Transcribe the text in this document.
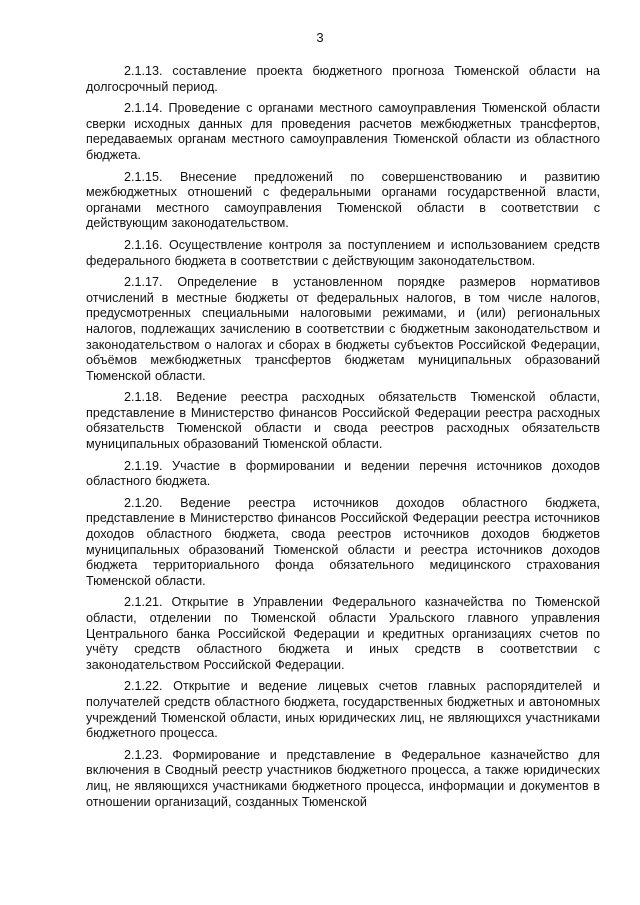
3

2.1.13. составление проекта бюджетного прогноза Тюменской области на долгосрочный период.

2.1.14. Проведение с органами местного самоуправления Тюменской области сверки исходных данных для проведения расчетов межбюджетных трансфертов, передаваемых органам местного самоуправления Тюменской области из областного бюджета.

2.1.15. Внесение предложений по совершенствованию и развитию межбюджетных отношений с федеральными органами государственной власти, органами местного самоуправления Тюменской области в соответствии с действующим законодательством.

2.1.16. Осуществление контроля за поступлением и использованием средств федерального бюджета в соответствии с действующим законодательством.

2.1.17. Определение в установленном порядке размеров нормативов отчислений в местные бюджеты от федеральных налогов, в том числе налогов, предусмотренных специальными налоговыми режимами, и (или) региональных налогов, подлежащих зачислению в соответствии с бюджетным законодательством и законодательством о налогах и сборах в бюджеты субъектов Российской Федерации, объёмов межбюджетных трансфертов бюджетам муниципальных образований Тюменской области.

2.1.18. Ведение реестра расходных обязательств Тюменской области, представление в Министерство финансов Российской Федерации реестра расходных обязательств Тюменской области и свода реестров расходных обязательств муниципальных образований Тюменской области.

2.1.19. Участие в формировании и ведении перечня источников доходов областного бюджета.

2.1.20. Ведение реестра источников доходов областного бюджета, представление в Министерство финансов Российской Федерации реестра источников доходов областного бюджета, свода реестров источников доходов бюджетов муниципальных образований Тюменской области и реестра источников доходов бюджета территориального фонда обязательного медицинского страхования Тюменской области.

2.1.21. Открытие в Управлении Федерального казначейства по Тюменской области, отделении по Тюменской области Уральского главного управления Центрального банка Российской Федерации и кредитных организациях счетов по учёту средств областного бюджета и иных средств в соответствии с законодательством Российской Федерации.

2.1.22. Открытие и ведение лицевых счетов главных распорядителей и получателей средств областного бюджета, государственных бюджетных и автономных учреждений Тюменской области, иных юридических лиц, не являющихся участниками бюджетного процесса.

2.1.23. Формирование и представление в Федеральное казначейство для включения в Сводный реестр участников бюджетного процесса, а также юридических лиц, не являющихся участниками бюджетного процесса, информации и документов в отношении организаций, созданных Тюменской
